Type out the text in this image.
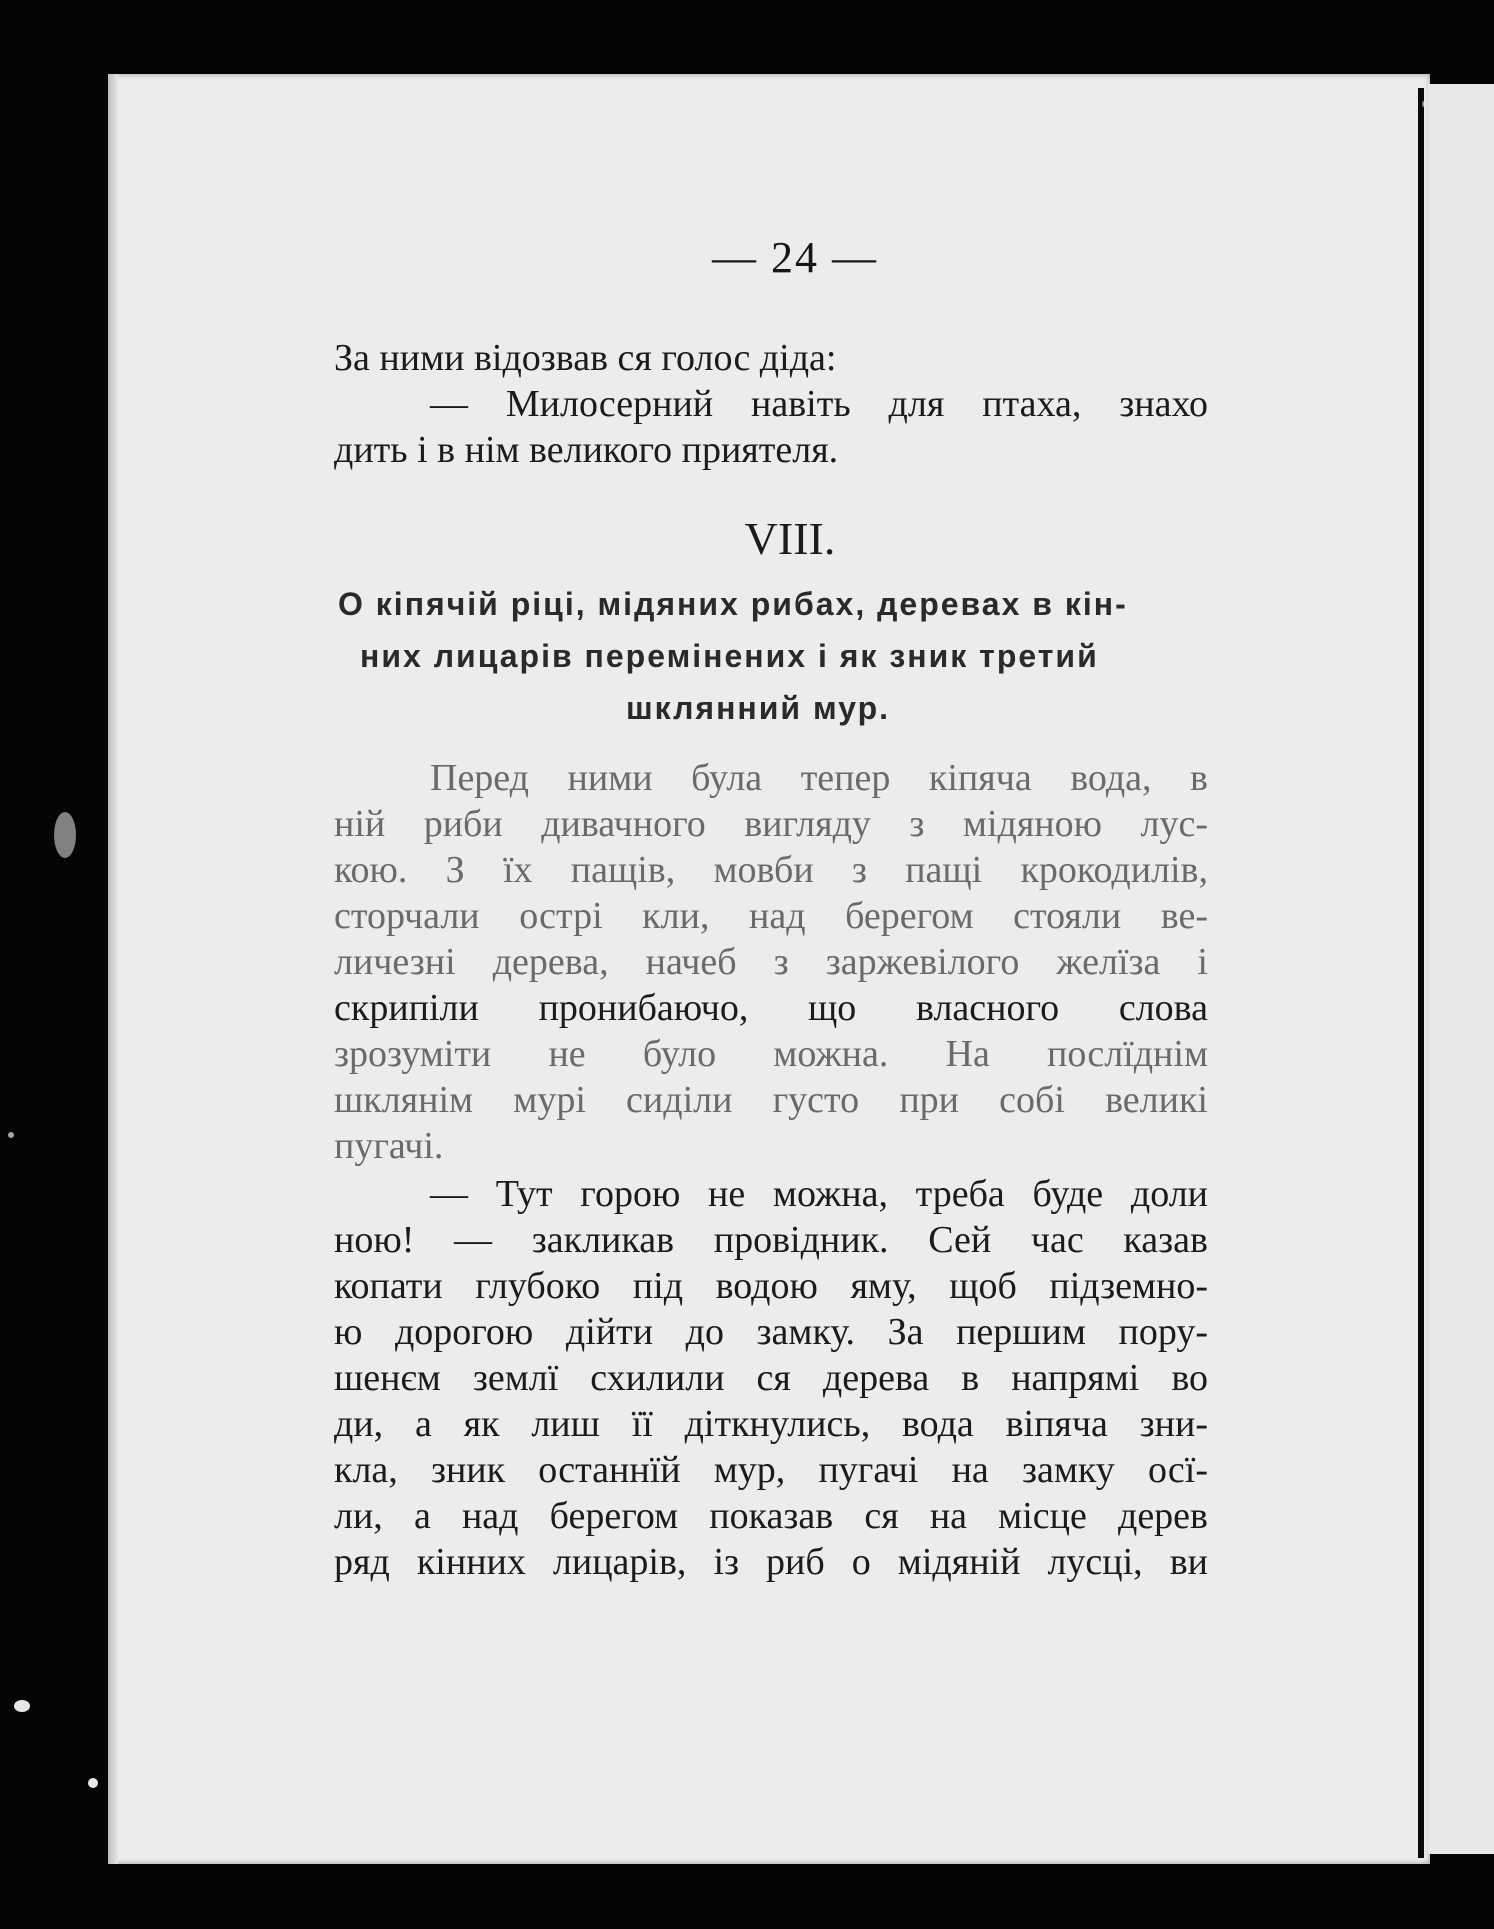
— 24 —

За ними відозвав ся голос діда:

— Милосерний навіть для птаха, знахо

дить і в нім великого приятеля.

VIII.

О кіпячій ріці, мідяних рибах, деревах в кін-

них лицарів перемінених і як зник третий

шклянний мур.

Перед ними була тепер кіпяча вода, в

ній риби дивачного вигляду з мідяною лус-

кою. З їх пащів, мовби з пащі крокодилів,

сторчали острі кли, над берегом стояли ве-

личезні дерева, начеб з заржевілого желїза і

скрипіли пронибаючо, що власного слова

зрозуміти не було можна. На послїднім

шклянім мурі сиділи густо при собі великі

пугачі.

— Тут горою не можна, треба буде доли

ною! — закликав провідник. Сей час казав

копати глубоко під водою яму, щоб підземно-

ю дорогою дійти до замку. За першим пору-

шенєм землї схилили ся дерева в напрямі во

ди, а як лиш її діткнулись, вода віпяча зни-

кла, зник останнїй мур, пугачі на замку осї-

ли, а над берегом показав ся на місце дерев

ряд кінних лицарів, із риб о мідяній лусці, ви
